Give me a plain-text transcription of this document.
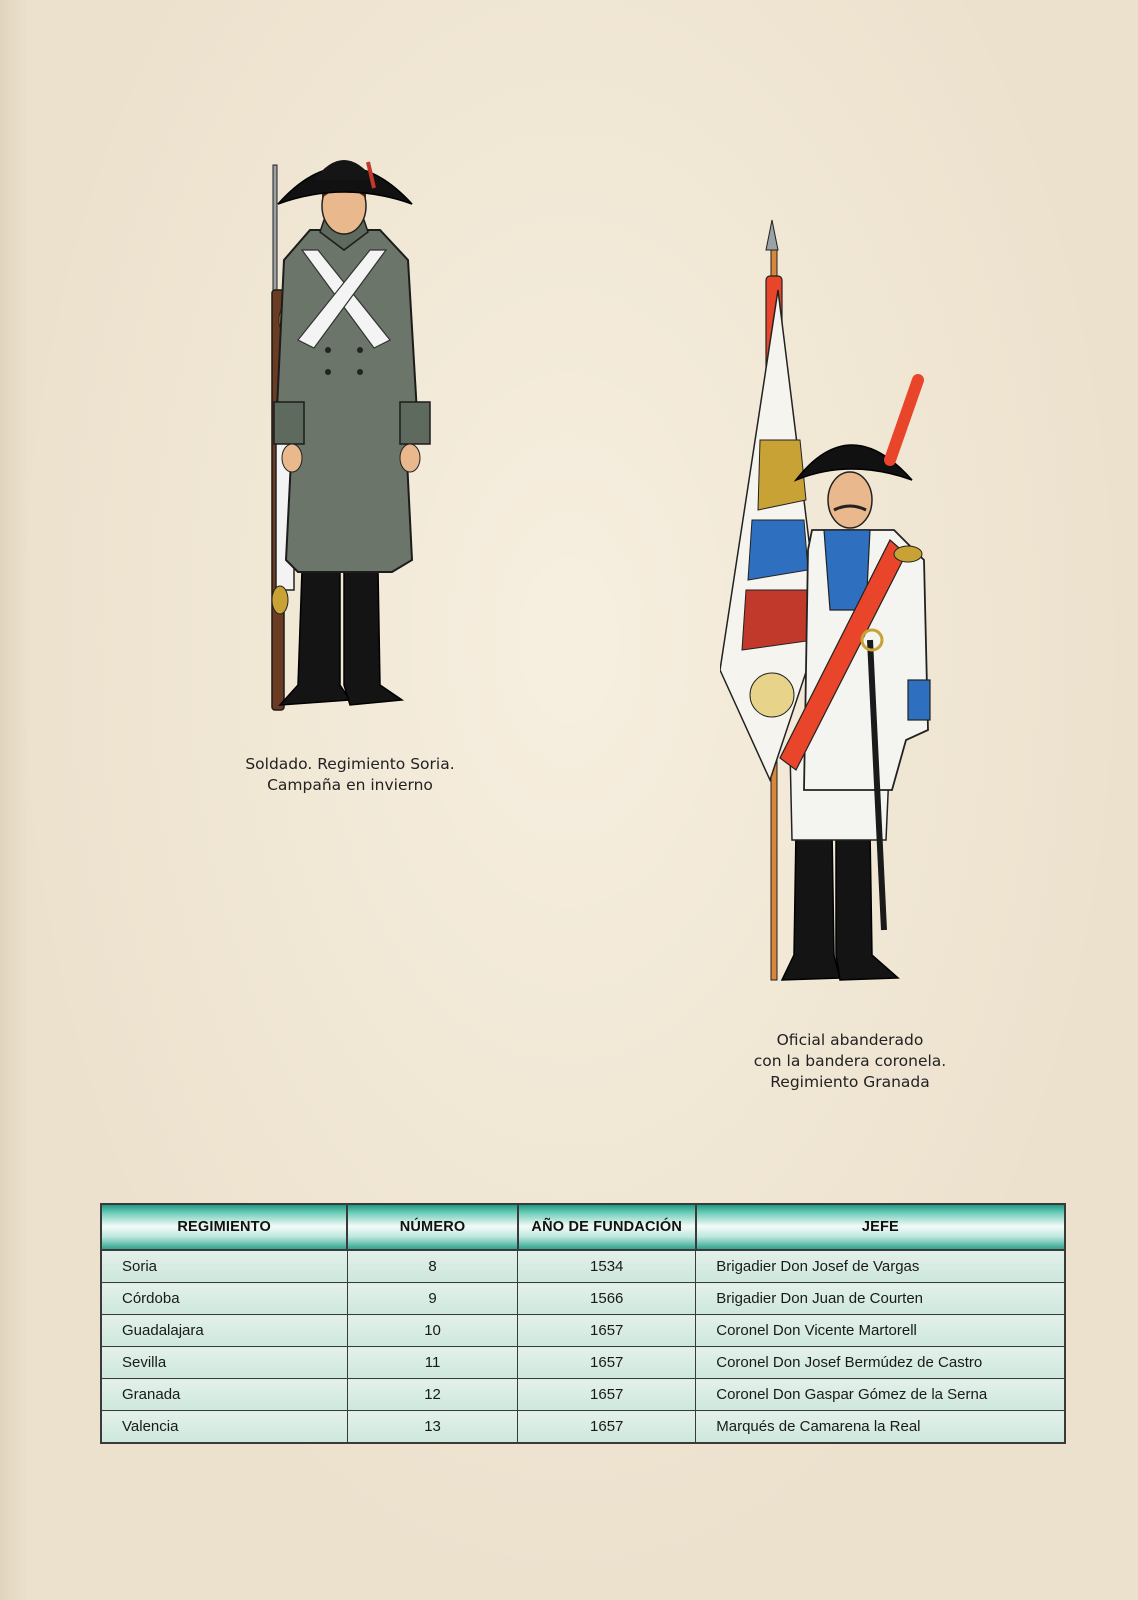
Soldado. Regimiento Soria.
Campaña en invierno
Oficial abanderado
con la bandera coronela.
Regimiento Granada
REGIMIENTO	NÚMERO	AÑO DE FUNDACIÓN	JEFE
Soria	8	1534	Brigadier Don Josef de Vargas
Córdoba	9	1566	Brigadier Don Juan de Courten
Guadalajara	10	1657	Coronel Don Vicente Martorell
Sevilla	11	1657	Coronel Don Josef Bermúdez de Castro
Granada	12	1657	Coronel Don Gaspar Gómez de la Serna
Valencia	13	1657	Marqués de Camarena la Real
